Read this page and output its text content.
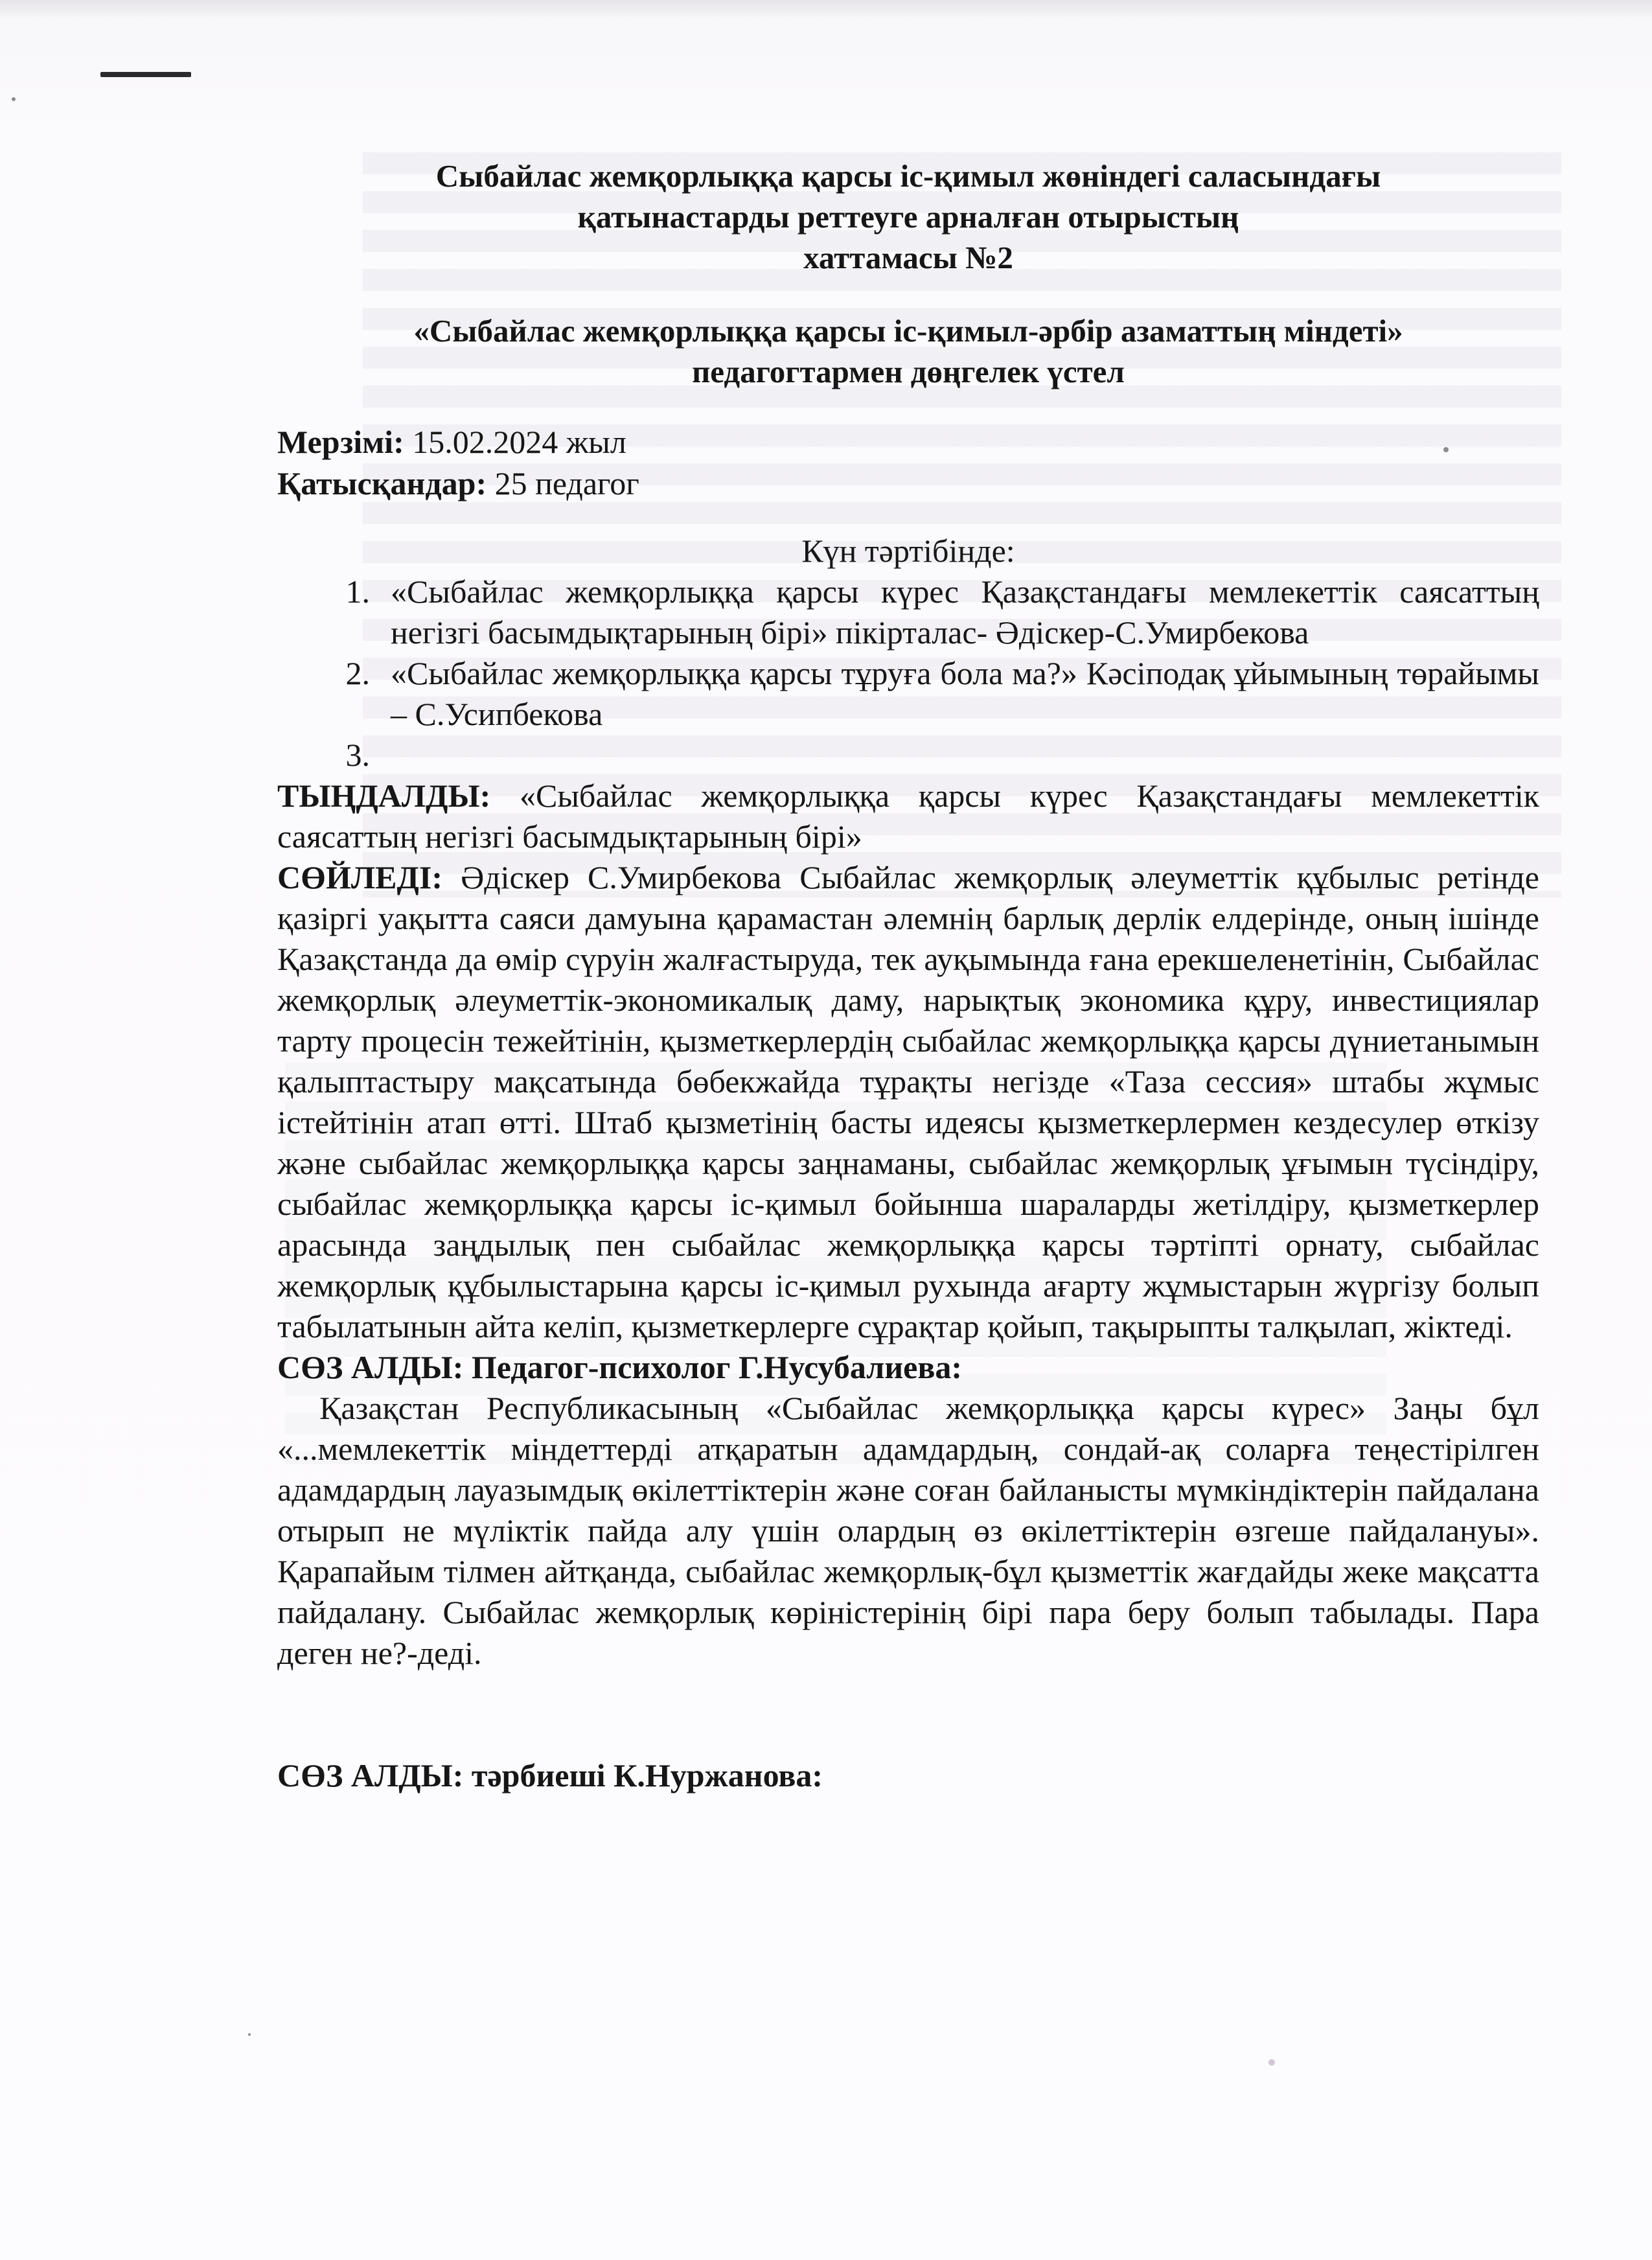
Сыбайлас жемқорлыққа қарсы іс-қимыл жөніндегі саласындағы

қатынастарды реттеуге арналған отырыстың

хаттамасы №2

«Сыбайлас жемқорлыққа қарсы іс-қимыл-әрбір азаматтың міндеті»

педагогтармен дөңгелек үстел

Мерзімі: 15.02.2024 жыл

Қатысқандар: 25 педагог

Күн тәртібінде:

1. «Сыбайлас жемқорлыққа қарсы күрес Қазақстандағы мемлекеттік саясаттың негізгі басымдықтарының бірі» пікірталас- Әдіскер-С.Умирбекова
2. «Сыбайлас жемқорлыққа қарсы тұруға бола ма?» Кәсіподақ ұйымының төрайымы – С.Усипбекова
3.

ТЫҢДАЛДЫ: «Сыбайлас жемқорлыққа қарсы күрес Қазақстандағы мемлекеттік саясаттың негізгі басымдықтарының бірі»

СӨЙЛЕДІ: Әдіскер С.Умирбекова Сыбайлас жемқорлық әлеуметтік құбылыс ретінде қазіргі уақытта саяси дамуына қарамастан әлемнің барлық дерлік елдерінде, оның ішінде Қазақстанда да өмір сүруін жалғастыруда, тек ауқымында ғана ерекшеленетінін, Сыбайлас жемқорлық әлеуметтік-экономикалық даму, нарықтық экономика құру, инвестициялар тарту процесін тежейтінін, қызметкерлердің сыбайлас жемқорлыққа қарсы дүниетанымын қалыптастыру мақсатында бөбекжайда тұрақты негізде «Таза сессия» штабы жұмыс істейтінін атап өтті. Штаб қызметінің басты идеясы қызметкерлермен кездесулер өткізу және сыбайлас жемқорлыққа қарсы заңнаманы, сыбайлас жемқорлық ұғымын түсіндіру, сыбайлас жемқорлыққа қарсы іс-қимыл бойынша шараларды жетілдіру, қызметкерлер арасында заңдылық пен сыбайлас жемқорлыққа қарсы тәртіпті орнату, сыбайлас жемқорлық құбылыстарына қарсы іс-қимыл рухында ағарту жұмыстарын жүргізу болып табылатынын айта келіп, қызметкерлерге сұрақтар қойып, тақырыпты талқылап, жіктеді.

СӨЗ АЛДЫ: Педагог-психолог Г.Нусубалиева:

Қазақстан Республикасының «Сыбайлас жемқорлыққа қарсы күрес» Заңы бұл «...мемлекеттік міндеттерді атқаратын адамдардың, сондай-ақ соларға теңестірілген адамдардың лауазымдық өкілеттіктерін және соған байланысты мүмкіндіктерін пайдалана отырып не мүліктік пайда алу үшін олардың өз өкілеттіктерін өзгеше пайдалануы». Қарапайым тілмен айтқанда, сыбайлас жемқорлық-бұл қызметтік жағдайды жеке мақсатта пайдалану. Сыбайлас жемқорлық көріністерінің бірі пара беру болып табылады. Пара деген не?-деді.

СӨЗ АЛДЫ: тәрбиеші К.Нуржанова:
